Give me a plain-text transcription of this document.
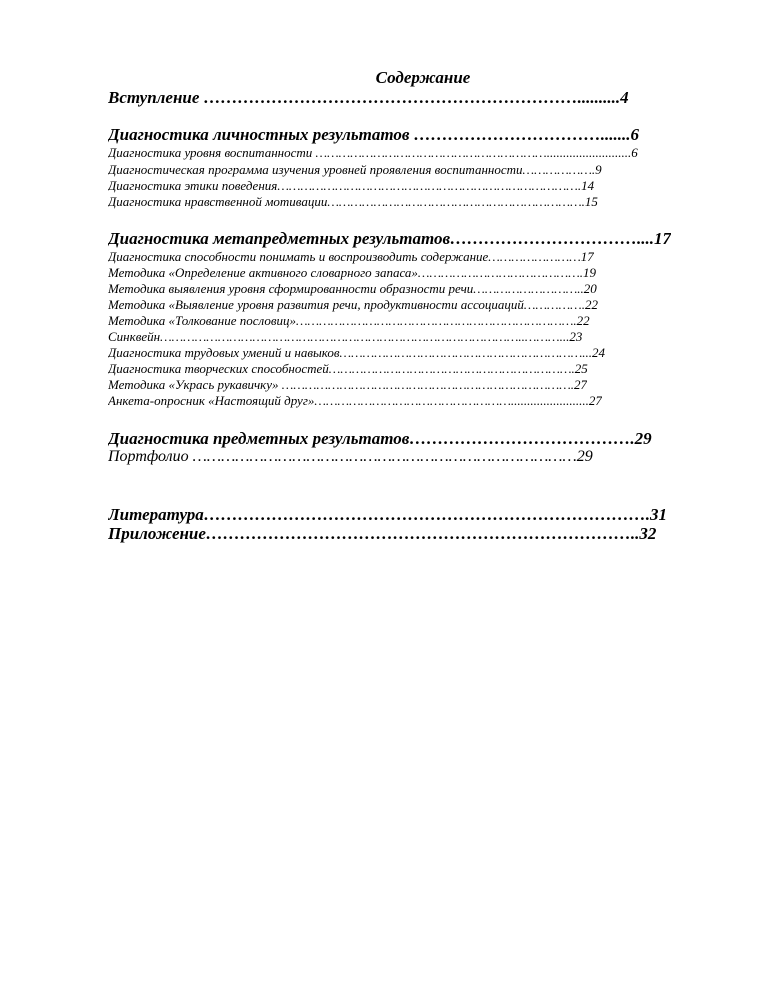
Содержание
Вступление …………………………………………………………..........4
Диагностика личностных результатов …………………………….......6
Диагностика уровня воспитанности ……………………………………………………..........................6
Диагностическая программа изучения уровней проявления воспитанности……………….9
Диагностика этики поведения…………………………………………………………………….14
Диагностика нравственной мотивации………………………………………………………….15
Диагностика метапредметных результатов……………………………....17
Диагностика способности понимать и воспроизводить содержание……………………17
Методика «Определение активного словарного запаса»…………………………………….19
Методика выявления уровня сформированности образности речи………………………..20
Методика «Выявление уровня развития речи, продуктивности ассоциаций…………….22
Методика «Толкование пословиц»……………………………………………………………….22
Синквейн…………………………………………………………………………………..………...23
Диагностика трудовых умений и навыков………………………………………………………...24
Диагностика творческих способностей……………………………………………………….25
Методика «Укрась рукавичку» ………………………………………………………………….27
Анкета-опросник «Настоящий друг»……………………………………………........................27
Диагностика предметных результатов………………………………….29
Портфолио ………………………………………………………………………29
Литература…………………………………………………………………….31
Приложение…………………………………………………………………..32
